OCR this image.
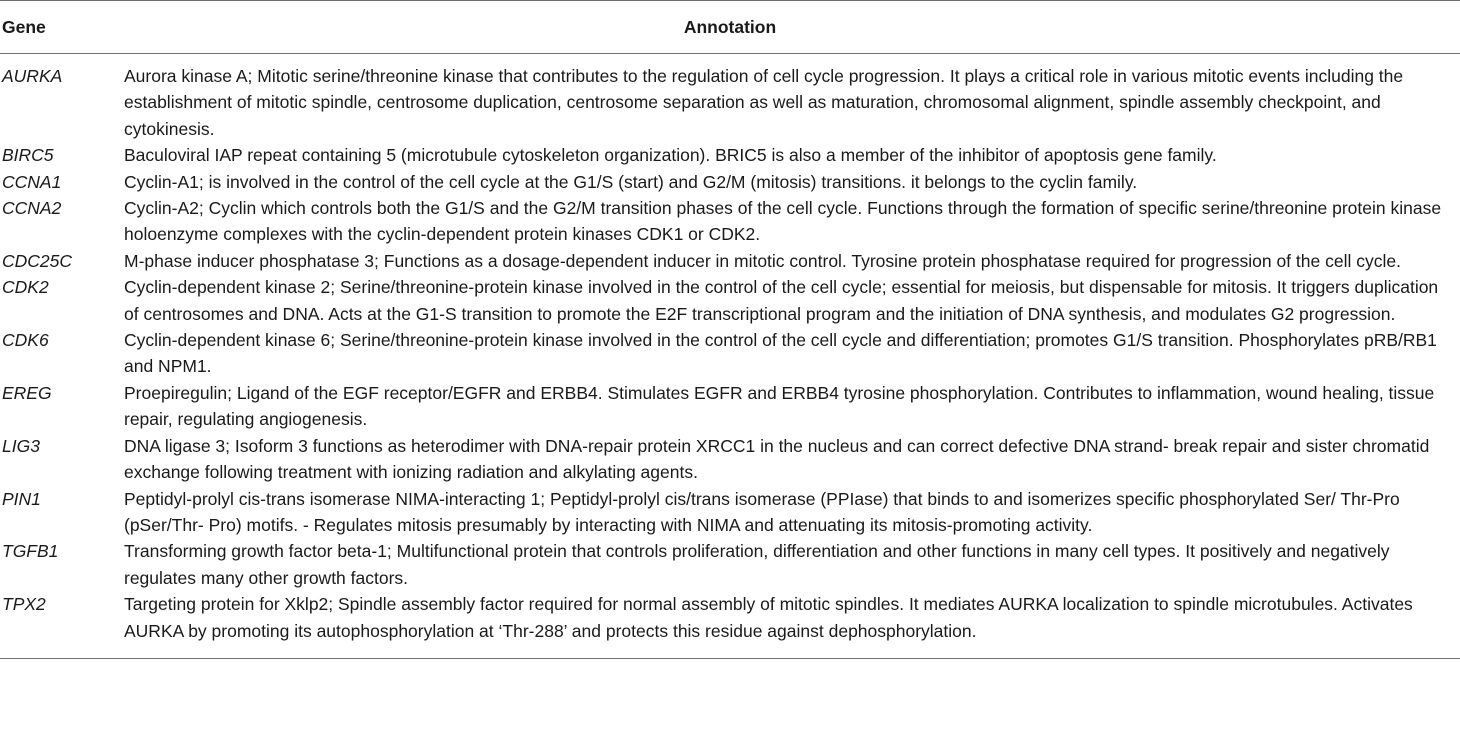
Gene	Annotation
AURKA	Aurora kinase A; Mitotic serine/threonine kinase that contributes to the regulation of cell cycle progression. It plays a critical role in various mitotic events including the establishment of mitotic spindle, centrosome duplication, centrosome separation as well as maturation, chromosomal alignment, spindle assembly checkpoint, and cytokinesis.
BIRC5	Baculoviral IAP repeat containing 5 (microtubule cytoskeleton organization). BRIC5 is also a member of the inhibitor of apoptosis gene family.
CCNA1	Cyclin-A1; is involved in the control of the cell cycle at the G1/S (start) and G2/M (mitosis) transitions. it belongs to the cyclin family.
CCNA2	Cyclin-A2; Cyclin which controls both the G1/S and the G2/M transition phases of the cell cycle. Functions through the formation of specific serine/threonine protein kinase holoenzyme complexes with the cyclin-dependent protein kinases CDK1 or CDK2.
CDC25C	M-phase inducer phosphatase 3; Functions as a dosage-dependent inducer in mitotic control. Tyrosine protein phosphatase required for progression of the cell cycle.
CDK2	Cyclin-dependent kinase 2; Serine/threonine-protein kinase involved in the control of the cell cycle; essential for meiosis, but dispensable for mitosis. It triggers duplication of centrosomes and DNA. Acts at the G1-S transition to promote the E2F transcriptional program and the initiation of DNA synthesis, and modulates G2 progression.
CDK6	Cyclin-dependent kinase 6; Serine/threonine-protein kinase involved in the control of the cell cycle and differentiation; promotes G1/S transition. Phosphorylates pRB/RB1 and NPM1.
EREG	Proepiregulin; Ligand of the EGF receptor/EGFR and ERBB4. Stimulates EGFR and ERBB4 tyrosine phosphorylation. Contributes to inflammation, wound healing, tissue repair, regulating angiogenesis.
LIG3	DNA ligase 3; Isoform 3 functions as heterodimer with DNA-repair protein XRCC1 in the nucleus and can correct defective DNA strand- break repair and sister chromatid exchange following treatment with ionizing radiation and alkylating agents.
PIN1	Peptidyl-prolyl cis-trans isomerase NIMA-interacting 1; Peptidyl-prolyl cis/trans isomerase (PPIase) that binds to and isomerizes specific phosphorylated Ser/ Thr-Pro (pSer/Thr- Pro) motifs. - Regulates mitosis presumably by interacting with NIMA and attenuating its mitosis-promoting activity.
TGFB1	Transforming growth factor beta-1; Multifunctional protein that controls proliferation, differentiation and other functions in many cell types. It positively and negatively regulates many other growth factors.
TPX2	Targeting protein for Xklp2; Spindle assembly factor required for normal assembly of mitotic spindles. It mediates AURKA localization to spindle microtubules. Activates AURKA by promoting its autophosphorylation at ‘Thr-288’ and protects this residue against dephosphorylation.
